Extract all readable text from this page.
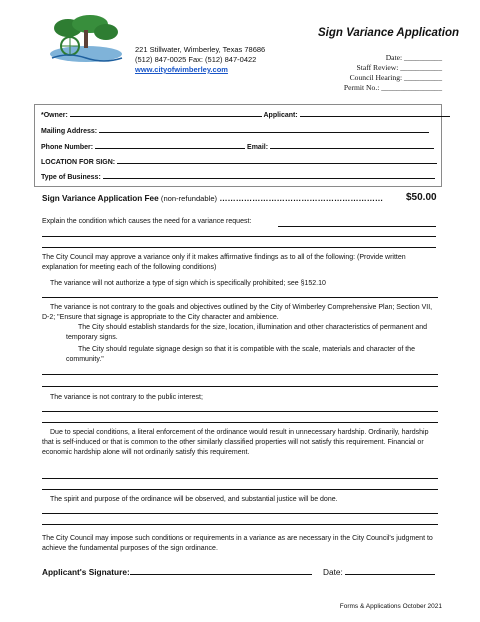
221 Stillwater, Wimberley, Texas 78686
(512) 847-0025 Fax: (512) 847-0422
www.cityofwimberley.com
Sign Variance Application
Date: __________
Staff Review: ___________
Council Hearing: __________
Permit No.: ________________
*Owner:	Applicant:
Mailing Address:
Phone Number:	Email:
LOCATION FOR SIGN:
Type of Business:
Sign Variance Application Fee (non-refundable) …………………………………………………… $50.00
Explain the condition which causes the need for a variance request:
The City Council may approve a variance only if it makes affirmative findings as to all of the following: (Provide written explanation for meeting each of the following conditions)
The variance will not authorize a type of sign which is specifically prohibited; see §152.10
The variance is not contrary to the goals and objectives outlined by the City of Wimberley Comprehensive Plan; Section VII, D-2; "Ensure that signage is appropriate to the City character and ambience.
The City should establish standards for the size, location, illumination and other characteristics of permanent and temporary signs.
The City should regulate signage design so that it is compatible with the scale, materials and character of the community."
The variance is not contrary to the public interest;
Due to special conditions, a literal enforcement of the ordinance would result in unnecessary hardship. Ordinarily, hardship that is self-induced or that is common to the other similarly classified properties will not satisfy this requirement. Financial or economic hardship alone will not ordinarily satisfy this requirement.
The spirit and purpose of the ordinance will be observed, and substantial justice will be done.
The City Council may impose such conditions or requirements in a variance as are necessary in the City Council's judgment to achieve the fundamental purposes of the sign ordinance.
Applicant's Signature:	Date:
Forms & Applications October 2021
